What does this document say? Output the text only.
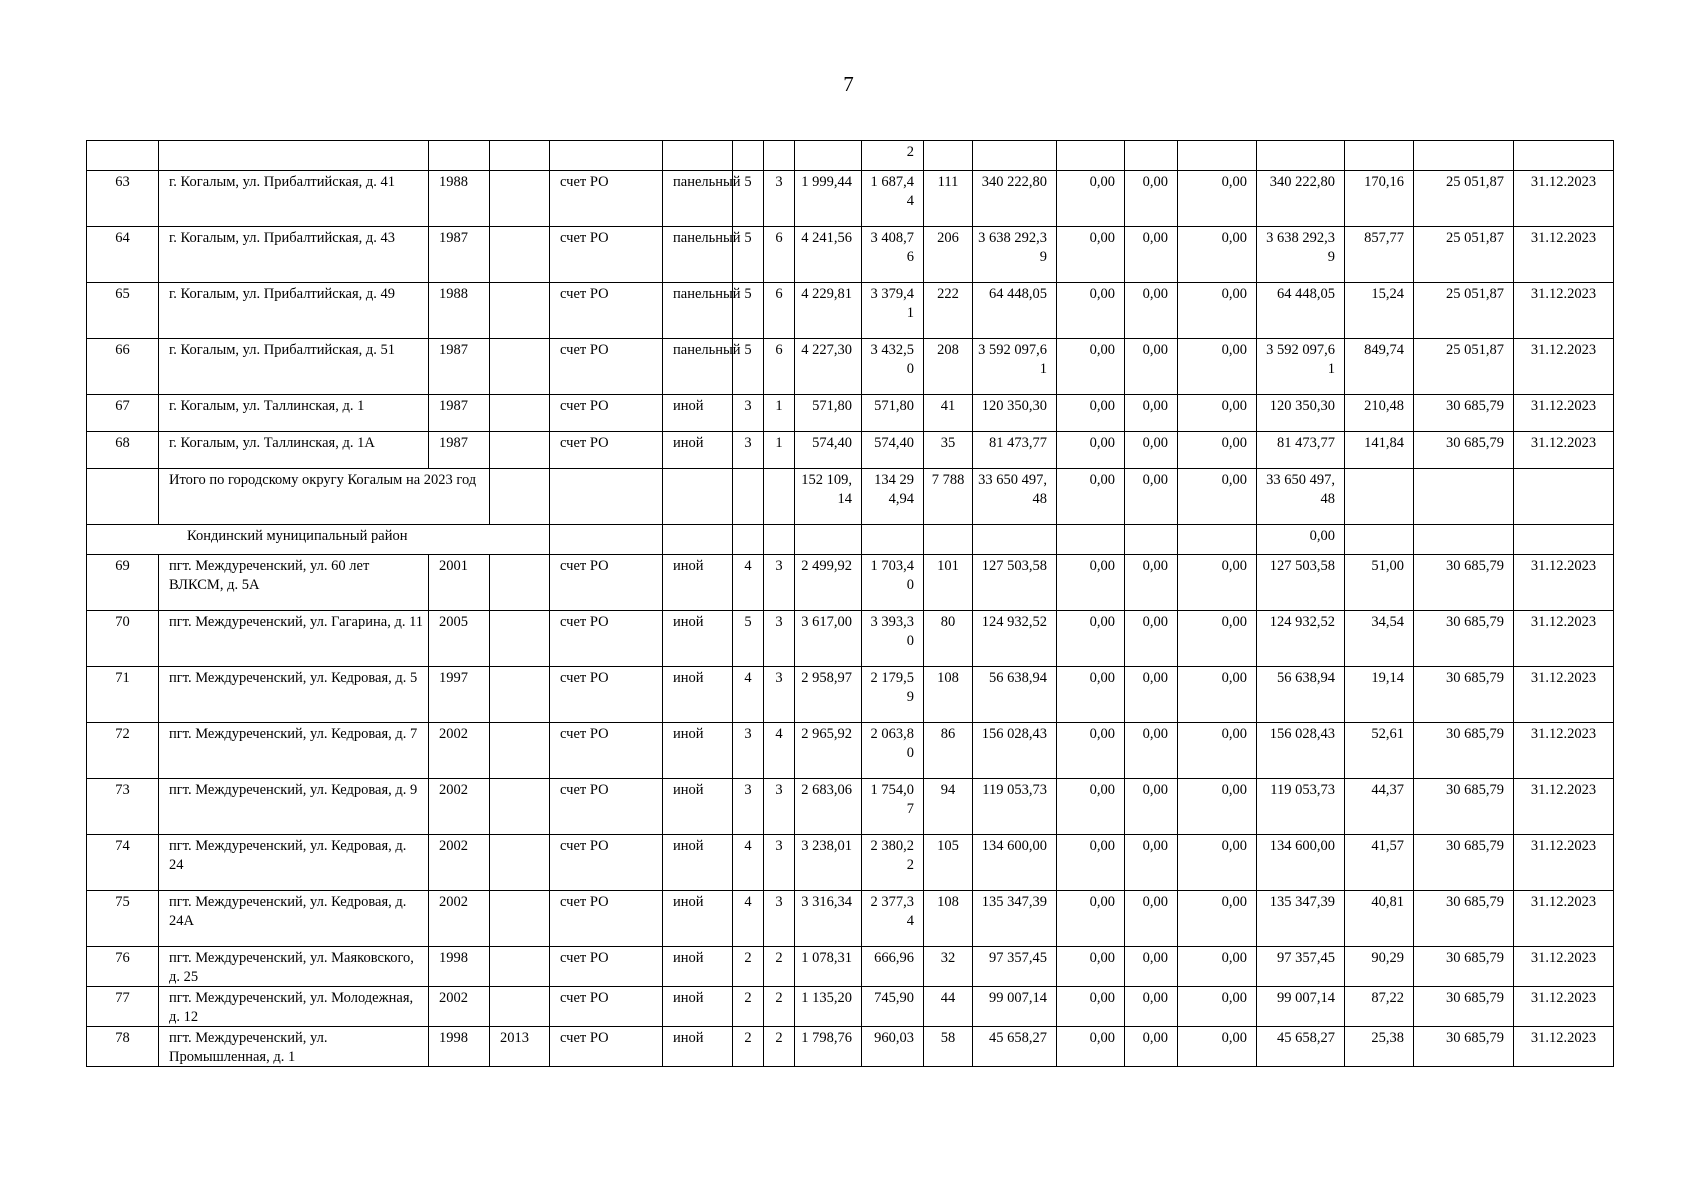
7
									2									
63	г. Когалым, ул. Прибалтийская, д. 41	1988		счет РО	панельный	5	3	1 999,44	1 687,44	111	340 222,80	0,00	0,00	0,00	340 222,80	170,16	25 051,87	31.12.2023
64	г. Когалым, ул. Прибалтийская, д. 43	1987		счет РО	панельный	5	6	4 241,56	3 408,76	206	3 638 292,39	0,00	0,00	0,00	3 638 292,39	857,77	25 051,87	31.12.2023
65	г. Когалым, ул. Прибалтийская, д. 49	1988		счет РО	панельный	5	6	4 229,81	3 379,41	222	64 448,05	0,00	0,00	0,00	64 448,05	15,24	25 051,87	31.12.2023
66	г. Когалым, ул. Прибалтийская, д. 51	1987		счет РО	панельный	5	6	4 227,30	3 432,50	208	3 592 097,61	0,00	0,00	0,00	3 592 097,61	849,74	25 051,87	31.12.2023
67	г. Когалым, ул. Таллинская, д. 1	1987		счет РО	иной	3	1	571,80	571,80	41	120 350,30	0,00	0,00	0,00	120 350,30	210,48	30 685,79	31.12.2023
68	г. Когалым, ул. Таллинская, д. 1А	1987		счет РО	иной	3	1	574,40	574,40	35	81 473,77	0,00	0,00	0,00	81 473,77	141,84	30 685,79	31.12.2023
	Итого по городскому округу Когалым на 2023 год							152 109,14	134 294,94	7 788	33 650 497,48	0,00	0,00	0,00	33 650 497,48			
Кондинский муниципальный район															0,00			
69	пгт. Междуреченский, ул. 60 лет ВЛКСМ, д. 5А	2001		счет РО	иной	4	3	2 499,92	1 703,40	101	127 503,58	0,00	0,00	0,00	127 503,58	51,00	30 685,79	31.12.2023
70	пгт. Междуреченский, ул. Гагарина, д. 11	2005		счет РО	иной	5	3	3 617,00	3 393,30	80	124 932,52	0,00	0,00	0,00	124 932,52	34,54	30 685,79	31.12.2023
71	пгт. Междуреченский, ул. Кедровая, д. 5	1997		счет РО	иной	4	3	2 958,97	2 179,59	108	56 638,94	0,00	0,00	0,00	56 638,94	19,14	30 685,79	31.12.2023
72	пгт. Междуреченский, ул. Кедровая, д. 7	2002		счет РО	иной	3	4	2 965,92	2 063,80	86	156 028,43	0,00	0,00	0,00	156 028,43	52,61	30 685,79	31.12.2023
73	пгт. Междуреченский, ул. Кедровая, д. 9	2002		счет РО	иной	3	3	2 683,06	1 754,07	94	119 053,73	0,00	0,00	0,00	119 053,73	44,37	30 685,79	31.12.2023
74	пгт. Междуреченский, ул. Кедровая, д. 24	2002		счет РО	иной	4	3	3 238,01	2 380,22	105	134 600,00	0,00	0,00	0,00	134 600,00	41,57	30 685,79	31.12.2023
75	пгт. Междуреченский, ул. Кедровая, д. 24А	2002		счет РО	иной	4	3	3 316,34	2 377,34	108	135 347,39	0,00	0,00	0,00	135 347,39	40,81	30 685,79	31.12.2023
76	пгт. Междуреченский, ул. Маяковского, д. 25	1998		счет РО	иной	2	2	1 078,31	666,96	32	97 357,45	0,00	0,00	0,00	97 357,45	90,29	30 685,79	31.12.2023
77	пгт. Междуреченский, ул. Молодежная, д. 12	2002		счет РО	иной	2	2	1 135,20	745,90	44	99 007,14	0,00	0,00	0,00	99 007,14	87,22	30 685,79	31.12.2023
78	пгт. Междуреченский, ул. Промышленная, д. 1	1998	2013	счет РО	иной	2	2	1 798,76	960,03	58	45 658,27	0,00	0,00	0,00	45 658,27	25,38	30 685,79	31.12.2023
